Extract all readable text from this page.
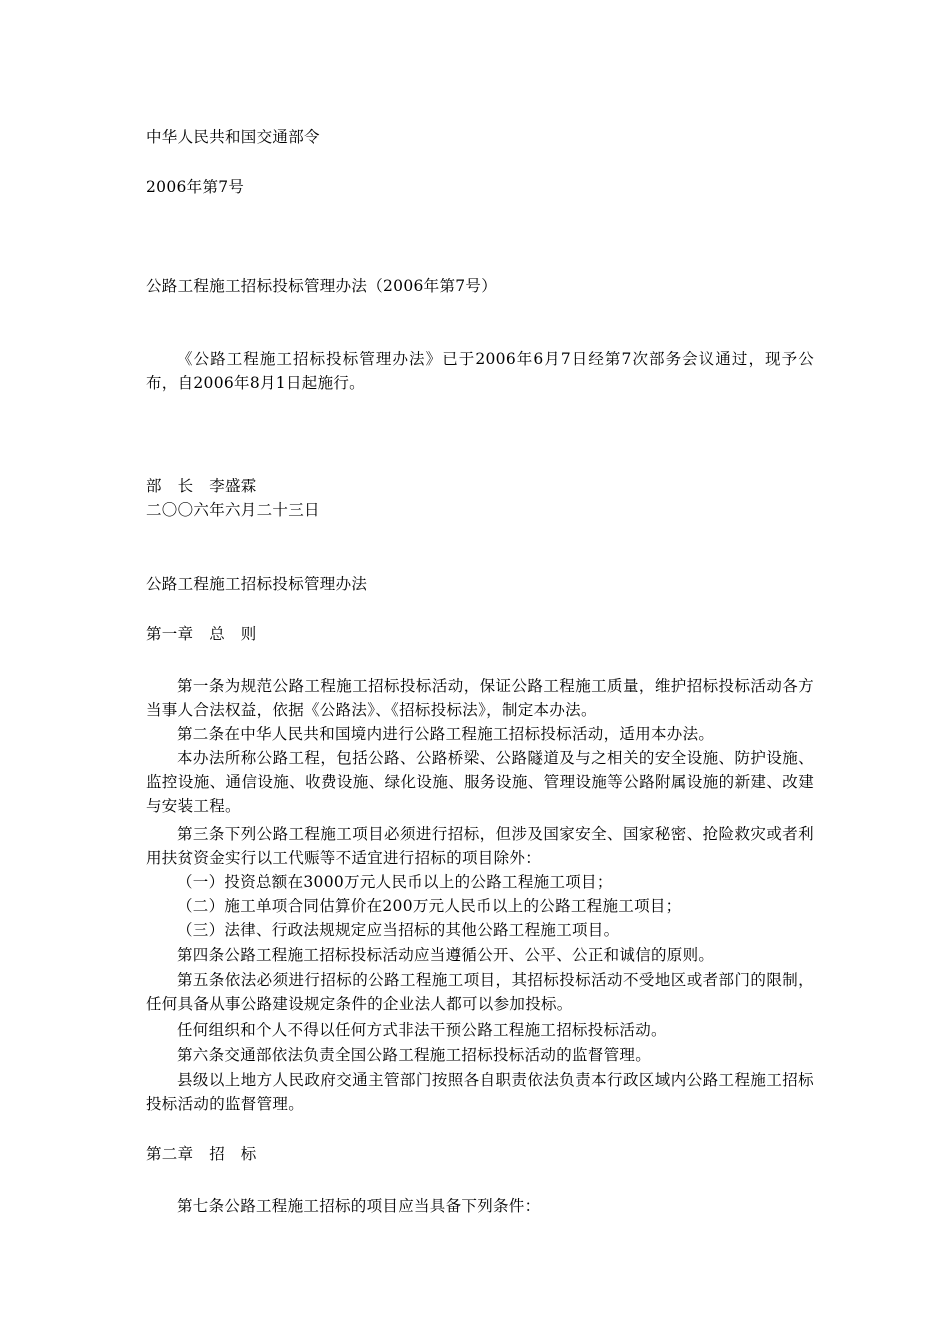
中华人民共和国交通部令
2006年第7号
公路工程施工招标投标管理办法（2006年第7号）
《公路工程施工招标投标管理办法》已于2006年6月7日经第7次部务会议通过，现予公布，自2006年8月1日起施行。
部　长　李盛霖
二〇〇六年六月二十三日
公路工程施工招标投标管理办法
第一章　总　则
第一条为规范公路工程施工招标投标活动，保证公路工程施工质量，维护招标投标活动各方当事人合法权益，依据《公路法》、《招标投标法》，制定本办法。
第二条在中华人民共和国境内进行公路工程施工招标投标活动，适用本办法。
本办法所称公路工程，包括公路、公路桥梁、公路隧道及与之相关的安全设施、防护设施、监控设施、通信设施、收费设施、绿化设施、服务设施、管理设施等公路附属设施的新建、改建与安装工程。
第三条下列公路工程施工项目必须进行招标，但涉及国家安全、国家秘密、抢险救灾或者利用扶贫资金实行以工代赈等不适宜进行招标的项目除外：
（一）投资总额在3000万元人民币以上的公路工程施工项目；
（二）施工单项合同估算价在200万元人民币以上的公路工程施工项目；
（三）法律、行政法规规定应当招标的其他公路工程施工项目。
第四条公路工程施工招标投标活动应当遵循公开、公平、公正和诚信的原则。
第五条依法必须进行招标的公路工程施工项目，其招标投标活动不受地区或者部门的限制，任何具备从事公路建设规定条件的企业法人都可以参加投标。
任何组织和个人不得以任何方式非法干预公路工程施工招标投标活动。
第六条交通部依法负责全国公路工程施工招标投标活动的监督管理。
县级以上地方人民政府交通主管部门按照各自职责依法负责本行政区域内公路工程施工招标投标活动的监督管理。
第二章　招　标
第七条公路工程施工招标的项目应当具备下列条件：
